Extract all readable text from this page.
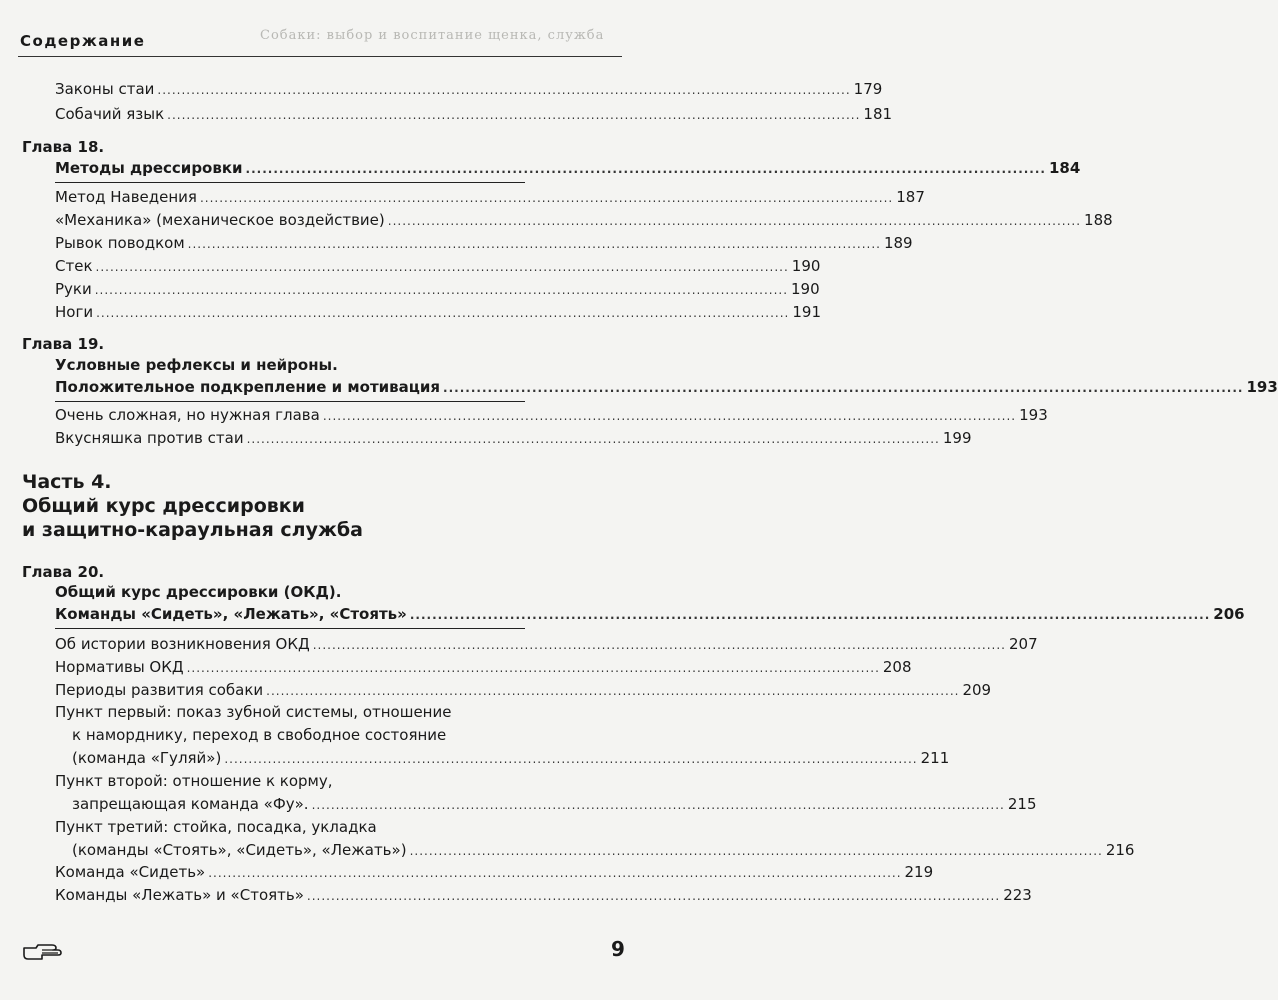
Содержание	Собаки: выбор и воспитание щенка, служба
Законы стаи ................................................................................................................................................ 179
Собачий язык ................................................................................................................................................ 181
Глава 18.
Методы дрессировки ................................................................................................................................................ 184
Метод Наведения ................................................................................................................................................ 187
«Механика» (механическое воздействие) ................................................................................................................................................ 188
Рывок поводком ................................................................................................................................................ 189
Стек ................................................................................................................................................ 190
Руки ................................................................................................................................................ 190
Ноги ................................................................................................................................................ 191
Глава 19.
Условные рефлексы и нейроны.
Положительное подкрепление и мотивация ................................................................................................................................................ 193
Очень сложная, но нужная глава ................................................................................................................................................ 193
Вкусняшка против стаи ................................................................................................................................................ 199
Часть 4.
Общий курс дрессировки
и защитно-караульная служба
Глава 20.
Общий курс дрессировки (ОКД).
Команды «Сидеть», «Лежать», «Стоять» ................................................................................................................................................ 206
Об истории возникновения ОКД ................................................................................................................................................ 207
Нормативы ОКД ................................................................................................................................................ 208
Периоды развития собаки ................................................................................................................................................ 209
Пункт первый: показ зубной системы, отношение
к наморднику, переход в свободное состояние
(команда «Гуляй») ................................................................................................................................................ 211
Пункт второй: отношение к корму,
запрещающая команда «Фу». ................................................................................................................................................ 215
Пункт третий: стойка, посадка, укладка
(команды «Стоять», «Сидеть», «Лежать») ................................................................................................................................................ 216
Команда «Сидеть» ................................................................................................................................................ 219
Команды «Лежать» и «Стоять» ................................................................................................................................................ 223
9
